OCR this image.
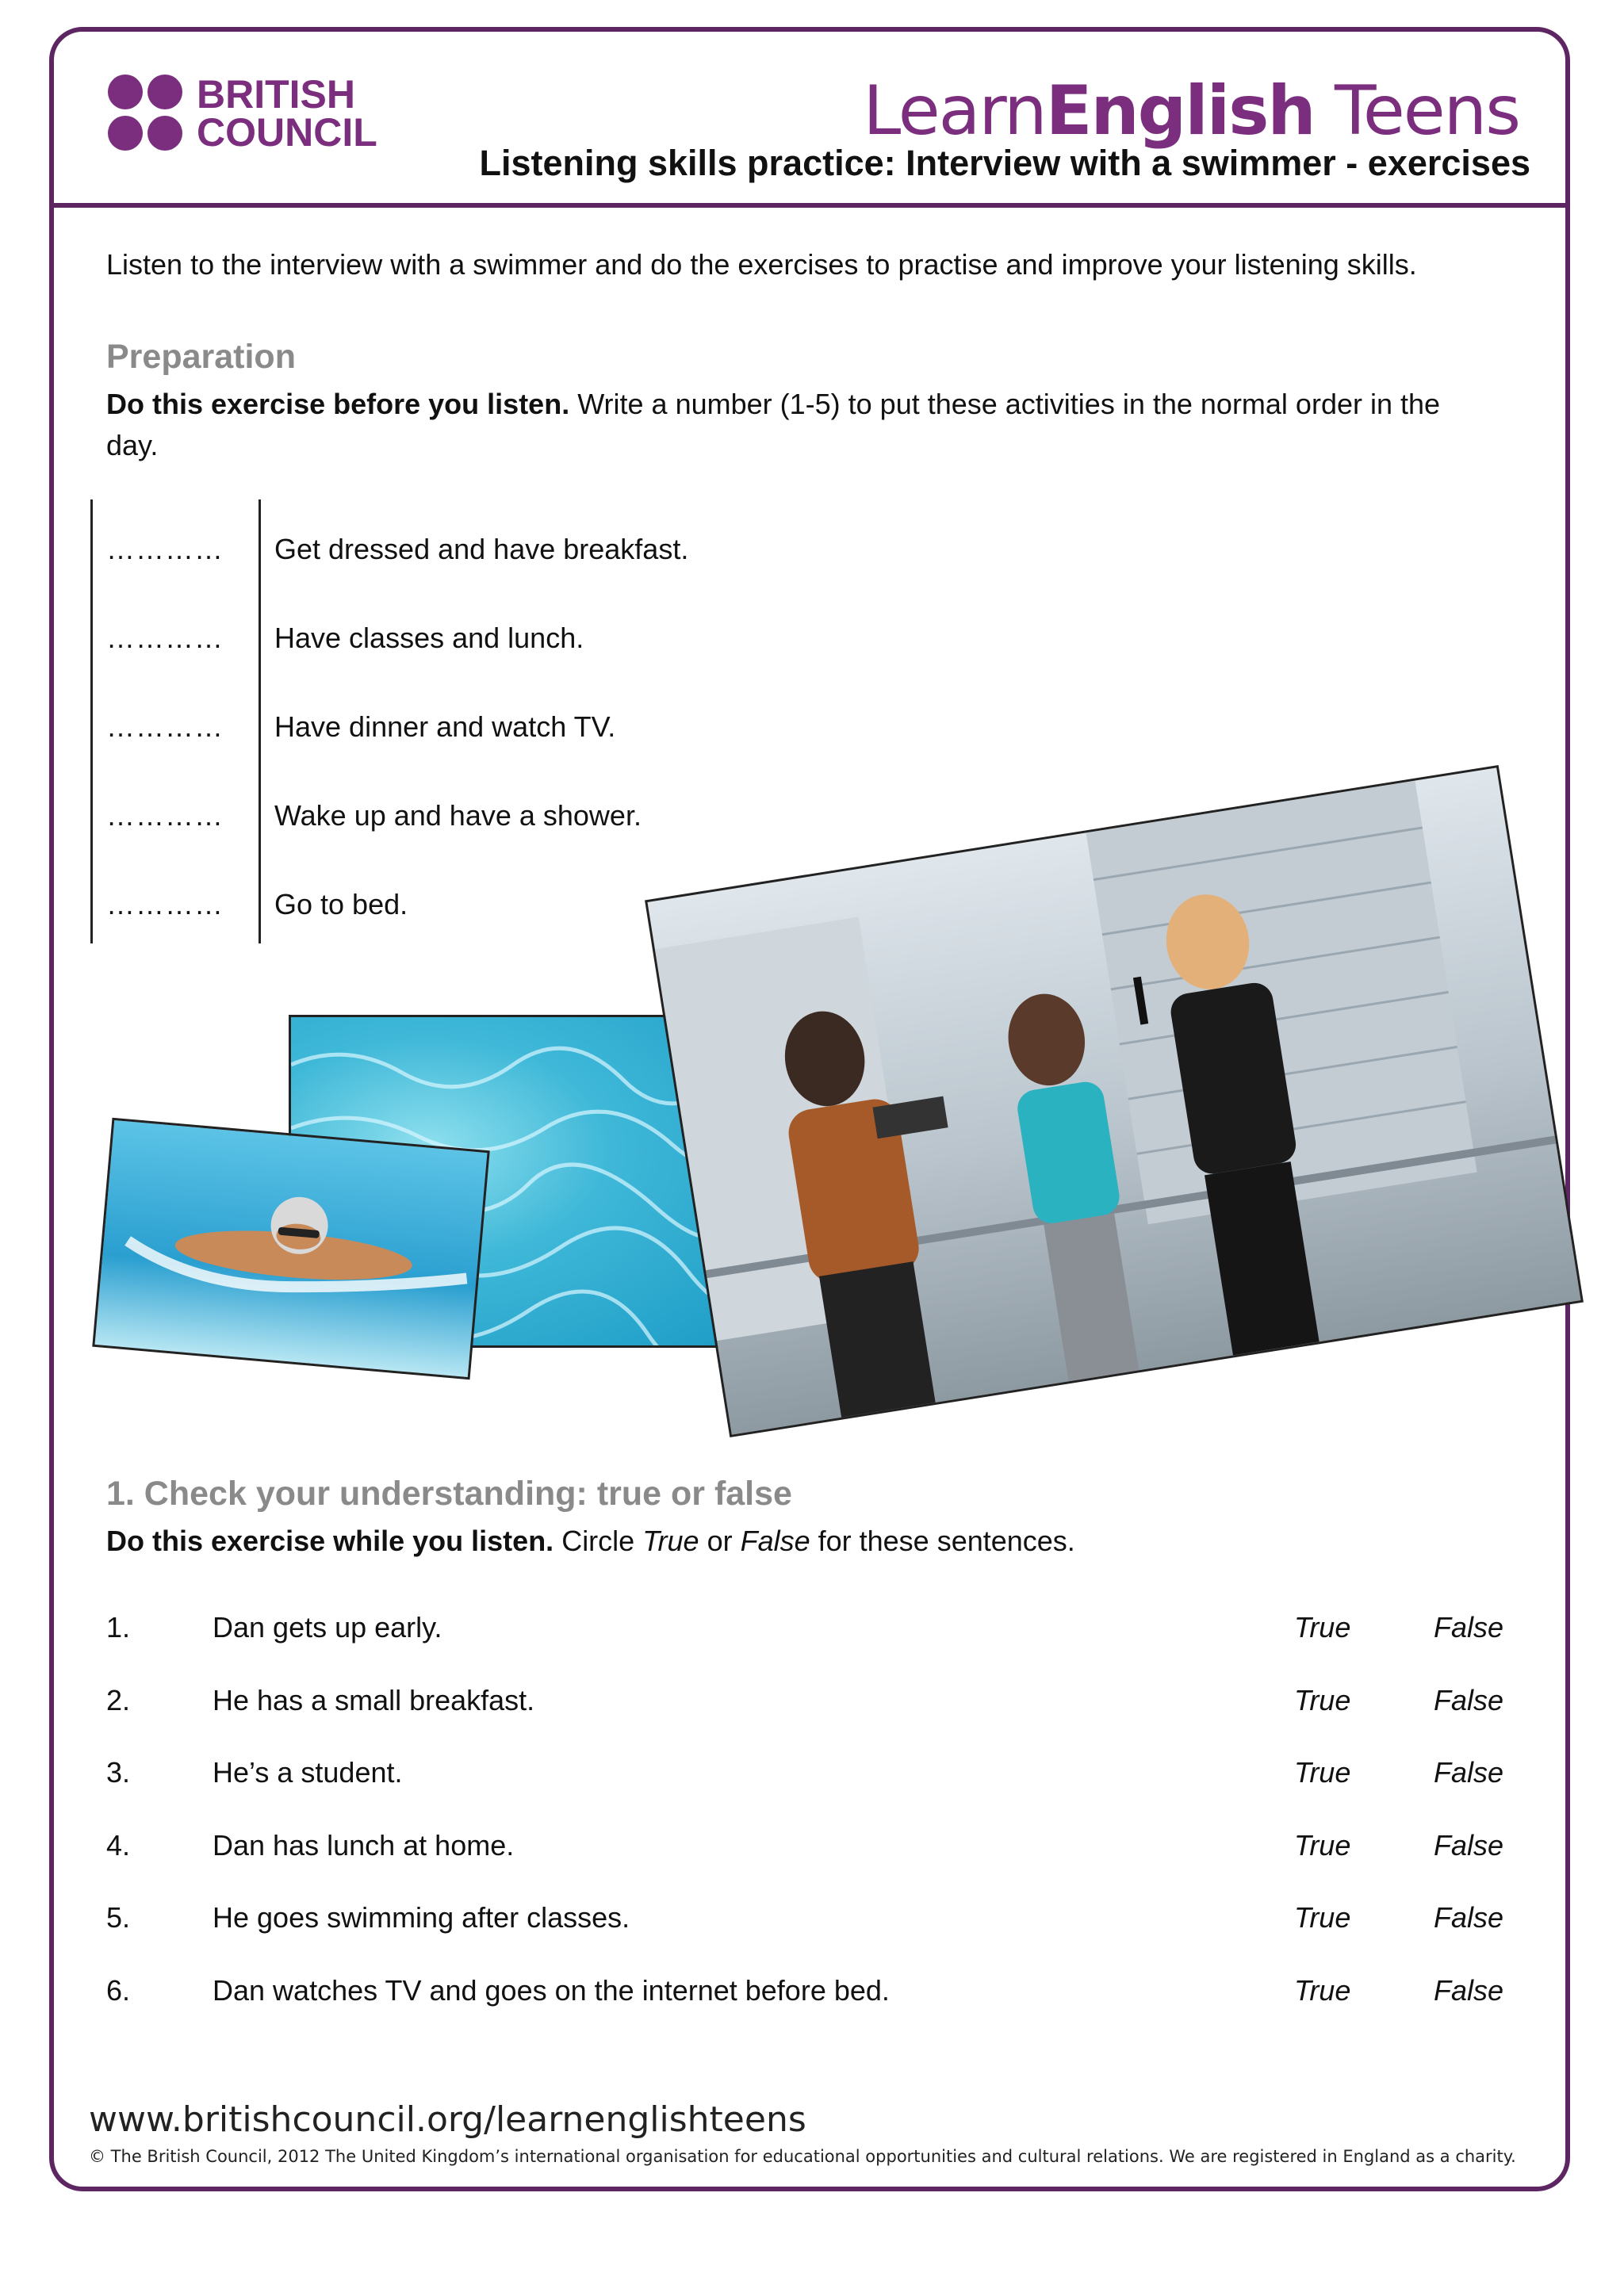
BRITISH
COUNCIL	LearnEnglish Teens
Listening skills practice: Interview with a swimmer - exercises
Listen to the interview with a swimmer and do the exercises to practise and improve your listening skills.
Preparation
Do this exercise before you listen. Write a number (1-5) to put these activities in the normal order in the
day.
………… Get dressed and have breakfast.
………… Have classes and lunch.
………… Have dinner and watch TV.
………… Wake up and have a shower.
………… Go to bed.
1. Check your understanding: true or false
Do this exercise while you listen. Circle True or False for these sentences.
1.	Dan gets up early.	True	False
2.	He has a small breakfast.	True	False
3.	He’s a student.	True	False
4.	Dan has lunch at home.	True	False
5.	He goes swimming after classes.	True	False
6.	Dan watches TV and goes on the internet before bed.	True	False
www.britishcouncil.org/learnenglishteens
© The British Council, 2012 The United Kingdom’s international organisation for educational opportunities and cultural relations. We are registered in England as a charity.
